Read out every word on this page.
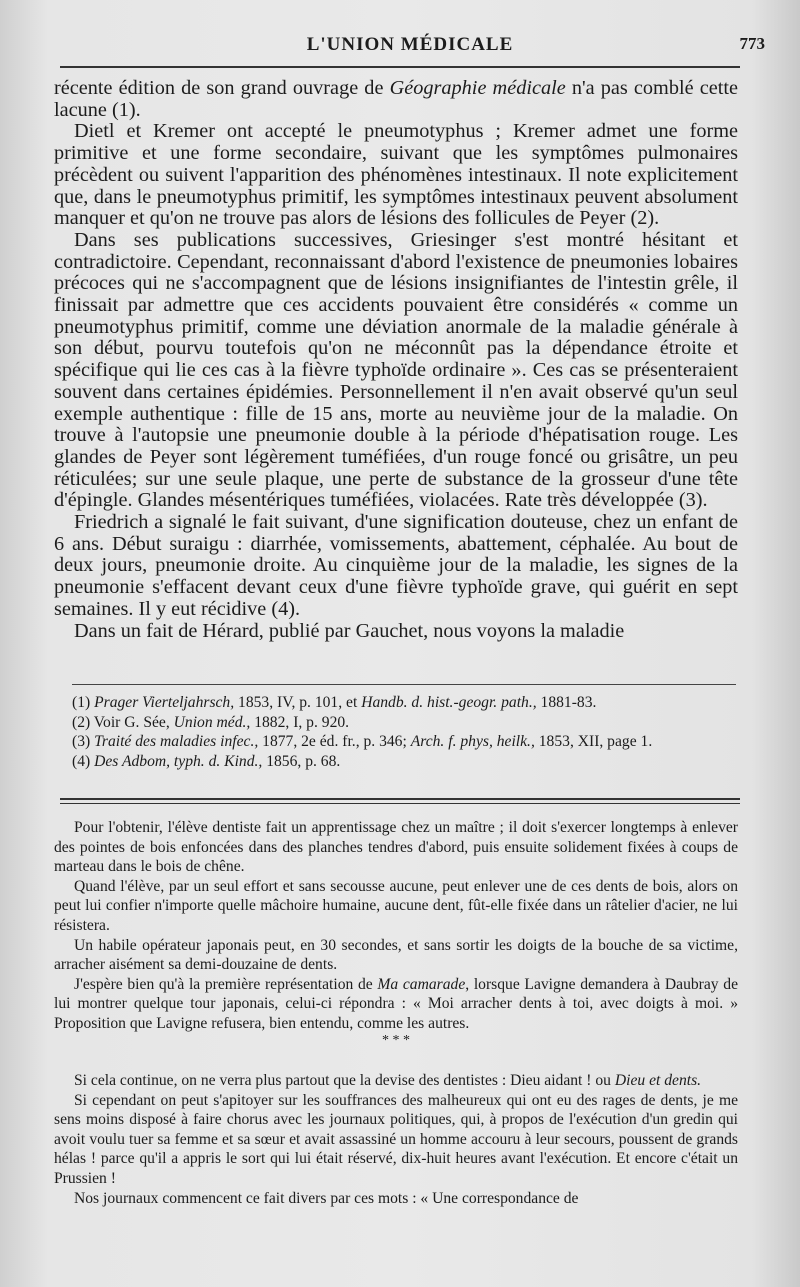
L'UNION MÉDICALE	773

récente édition de son grand ouvrage de Géographie médicale n'a pas comblé cette lacune (1).

Dietl et Kremer ont accepté le pneumotyphus ; Kremer admet une forme primitive et une forme secondaire, suivant que les symptômes pulmonaires précèdent ou suivent l'apparition des phénomènes intestinaux. Il note explicitement que, dans le pneumotyphus primitif, les symptômes intestinaux peuvent absolument manquer et qu'on ne trouve pas alors de lésions des follicules de Peyer (2).

Dans ses publications successives, Griesinger s'est montré hésitant et contradictoire. Cependant, reconnaissant d'abord l'existence de pneumonies lobaires précoces qui ne s'accompagnent que de lésions insignifiantes de l'intestin grêle, il finissait par admettre que ces accidents pouvaient être considérés « comme un pneumotyphus primitif, comme une déviation anormale de la maladie générale à son début, pourvu toutefois qu'on ne méconnût pas la dépendance étroite et spécifique qui lie ces cas à la fièvre typhoïde ordinaire ». Ces cas se présenteraient souvent dans certaines épidémies. Personnellement il n'en avait observé qu'un seul exemple authentique : fille de 15 ans, morte au neuvième jour de la maladie. On trouve à l'autopsie une pneumonie double à la période d'hépatisation rouge. Les glandes de Peyer sont légèrement tuméfiées, d'un rouge foncé ou grisâtre, un peu réticulées; sur une seule plaque, une perte de substance de la grosseur d'une tête d'épingle. Glandes mésentériques tuméfiées, violacées. Rate très développée (3).

Friedrich a signalé le fait suivant, d'une signification douteuse, chez un enfant de 6 ans. Début suraigu : diarrhée, vomissements, abattement, céphalée. Au bout de deux jours, pneumonie droite. Au cinquième jour de la maladie, les signes de la pneumonie s'effacent devant ceux d'une fièvre typhoïde grave, qui guérit en sept semaines. Il y eut récidive (4).

Dans un fait de Hérard, publié par Gauchet, nous voyons la maladie

(1) Prager Vierteljahrsch, 1853, IV, p. 101, et Handb. d. hist.-geogr. path., 1881-83.

(2) Voir G. Sée, Union méd., 1882, I, p. 920.

(3) Traité des maladies infec., 1877, 2e éd. fr., p. 346; Arch. f. phys, heilk., 1853, XII, page 1.

(4) Des Adbom, typh. d. Kind., 1856, p. 68.

Pour l'obtenir, l'élève dentiste fait un apprentissage chez un maître ; il doit s'exercer longtemps à enlever des pointes de bois enfoncées dans des planches tendres d'abord, puis ensuite solidement fixées à coups de marteau dans le bois de chêne.

Quand l'élève, par un seul effort et sans secousse aucune, peut enlever une de ces dents de bois, alors on peut lui confier n'importe quelle mâchoire humaine, aucune dent, fût-elle fixée dans un râtelier d'acier, ne lui résistera.

Un habile opérateur japonais peut, en 30 secondes, et sans sortir les doigts de la bouche de sa victime, arracher aisément sa demi-douzaine de dents.

J'espère bien qu'à la première représentation de Ma camarade, lorsque Lavigne demandera à Daubray de lui montrer quelque tour japonais, celui-ci répondra : « Moi arracher dents à toi, avec doigts à moi. » Proposition que Lavigne refusera, bien entendu, comme les autres.

* * *

Si cela continue, on ne verra plus partout que la devise des dentistes : Dieu aidant ! ou Dieu et dents.

Si cependant on peut s'apitoyer sur les souffrances des malheureux qui ont eu des rages de dents, je me sens moins disposé à faire chorus avec les journaux politiques, qui, à propos de l'exécution d'un gredin qui avoit voulu tuer sa femme et sa sœur et avait assassiné un homme accouru à leur secours, poussent de grands hélas ! parce qu'il a appris le sort qui lui était réservé, dix-huit heures avant l'exécution. Et encore c'était un Prussien !

Nos journaux commencent ce fait divers par ces mots : « Une correspondance de
